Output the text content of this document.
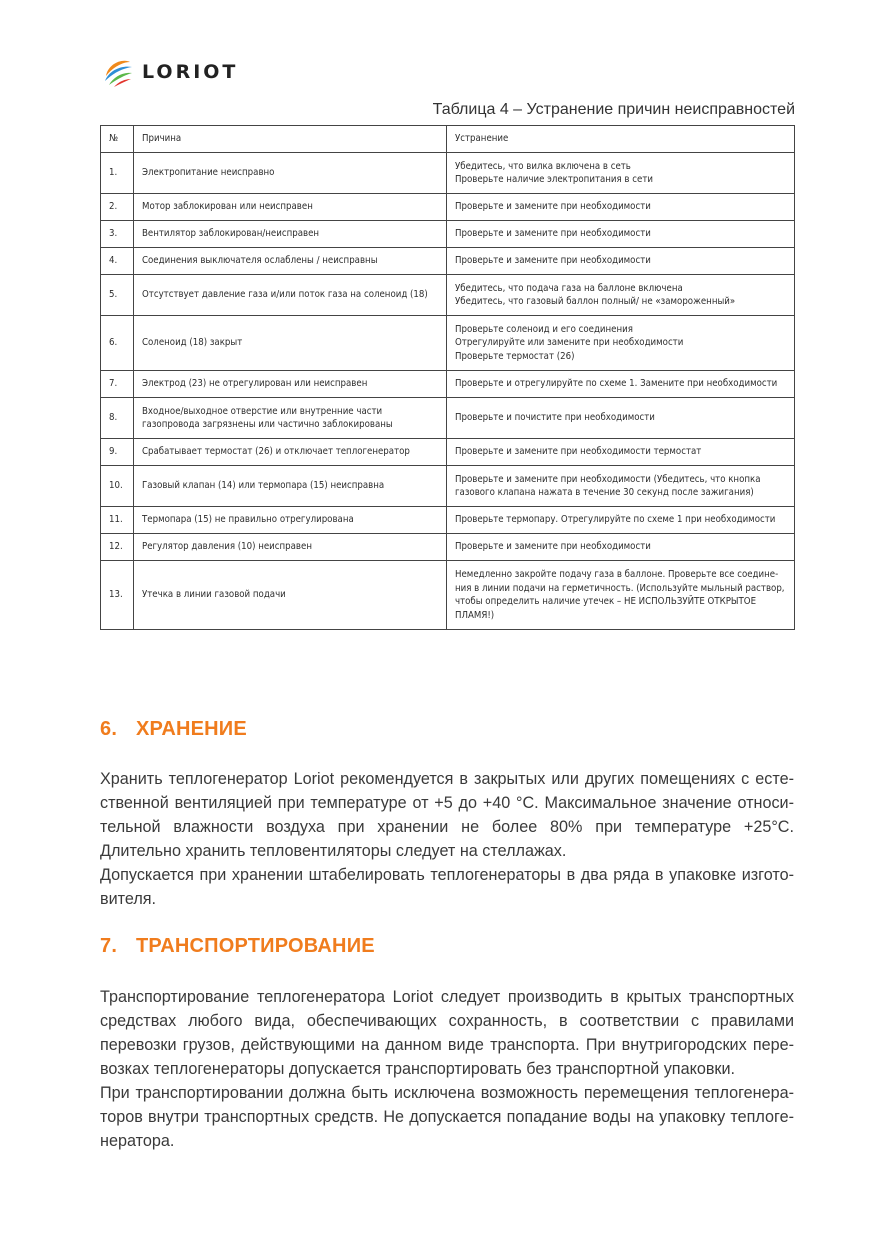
LORIOT
Таблица 4 – Устранение причин неисправностей
№	Причина	Устранение
1.	Электропитание неисправно	Убедитесь, что вилка включена в сеть
Проверьте наличие электропитания в сети

2.	Мотор заблокирован или неисправен	Проверьте и замените при необходимости

3.	Вентилятор заблокирован/неисправен	Проверьте и замените при необходимости

4.	Соединения выключателя ослаблены / неисправны	Проверьте и замените при необходимости

5.	Отсутствует давление газа и/или поток газа на соленоид (18)	Убедитесь, что подача газа на баллоне включена
Убедитесь, что газовый баллон полный/ не «замороженный»

6.	Соленоид (18) закрыт	Проверьте соленоид и его соединения
Отрегулируйте или замените при необходимости
Проверьте термостат (26)

7.	Электрод (23) не отрегулирован или неисправен	Проверьте и отрегулируйте по схеме 1. Замените при необходимости

8.	Входное/выходное отверстие или внутренние части газопровода загрязнены или частично заблокированы	Проверьте и почистите при необходимости

9.	Срабатывает термостат (26) и отключает теплогенератор	Проверьте и замените при необходимости термостат

10.	Газовый клапан (14) или термопара (15) неисправна	Проверьте и замените при необходимости (Убедитесь, что кнопка газового клапана нажата в течение 30 секунд после зажигания)

11.	Термопара (15) не правильно отрегулирована	Проверьте термопару. Отрегулируйте по схеме 1 при необходимости

12.	Регулятор давления (10) неисправен	Проверьте и замените при необходимости

13.	Утечка в линии газовой подачи	Немедленно закройте подачу газа в баллоне. Проверьте все соедине-ния в линии подачи на герметичность. (Используйте мыльный раствор, чтобы определить наличие утечек – НЕ ИСПОЛЬЗУЙТЕ ОТКРЫТОЕ ПЛАМЯ!)
6. ХРАНЕНИЕ

Хранить теплогенератор Loriot рекомендуется в закрытых или других помещениях с есте-ственной вентиляцией при температуре от +5 до +40 °С. Максимальное значение относи-тельной влажности воздуха при хранении не более 80% при температуре +25°С. Длительно хранить тепловентиляторы следует на стеллажах.

Допускается при хранении штабелировать теплогенераторы в два ряда в упаковке изгото-вителя.

7. ТРАНСПОРТИРОВАНИЕ

Транспортирование теплогенератора Loriot следует производить в крытых транспортных средствах любого вида, обеспечивающих сохранность, в соответствии с правилами перевозки грузов, действующими на данном виде транспорта. При внутригородских пере-возках теплогенераторы допускается транспортировать без транспортной упаковки.

При транспортировании должна быть исключена возможность перемещения теплогенера-торов внутри транспортных средств. Не допускается попадание воды на упаковку теплоге-нератора.
